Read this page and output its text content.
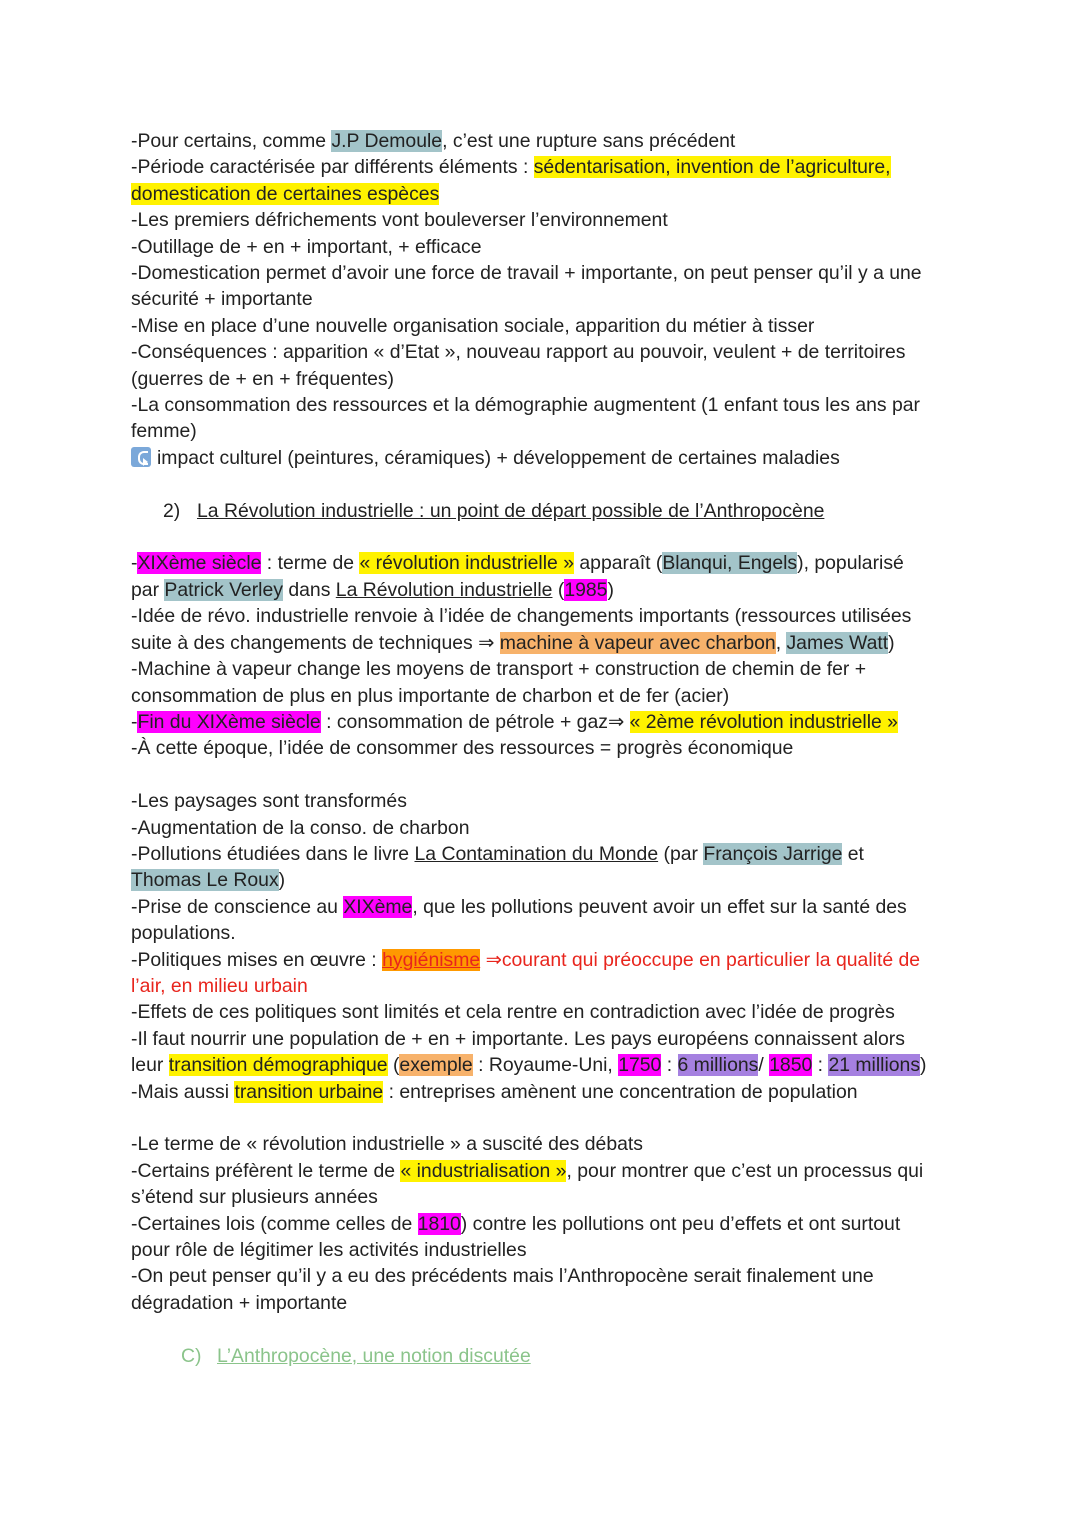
-Pour certains, comme J.P Demoule, c’est une rupture sans précédent
-Période caractérisée par différents éléments : sédentarisation, invention de l’agriculture,
domestication de certaines espèces
-Les premiers défrichements vont bouleverser l’environnement
-Outillage de + en + important, + efficace
-Domestication permet d’avoir une force de travail + importante, on peut penser qu’il y a une
sécurité + importante
-Mise en place d’une nouvelle organisation sociale, apparition du métier à tisser
-Conséquences : apparition « d’Etat », nouveau rapport au pouvoir, veulent + de territoires
(guerres de + en + fréquentes)
-La consommation des ressources et la démographie augmentent (1 enfant tous les ans par
femme)
impact culturel (peintures, céramiques) + développement de certaines maladies
2) La Révolution industrielle : un point de départ possible de l’Anthropocène
-XIXème siècle : terme de « révolution industrielle » apparaît (Blanqui, Engels), popularisé
par Patrick Verley dans La Révolution industrielle (1985)
-Idée de révo. industrielle renvoie à l’idée de changements importants (ressources utilisées
suite à des changements de techniques ⇒ machine à vapeur avec charbon, James Watt)
-Machine à vapeur change les moyens de transport + construction de chemin de fer +
consommation de plus en plus importante de charbon et de fer (acier)
-Fin du XIXème siècle : consommation de pétrole + gaz⇒ « 2ème révolution industrielle »
-À cette époque, l’idée de consommer des ressources = progrès économique
-Les paysages sont transformés
-Augmentation de la conso. de charbon
-Pollutions étudiées dans le livre La Contamination du Monde (par François Jarrige et
Thomas Le Roux)
-Prise de conscience au XIXème, que les pollutions peuvent avoir un effet sur la santé des
populations.
-Politiques mises en œuvre : hygiénisme ⇒courant qui préoccupe en particulier la qualité de
l’air, en milieu urbain
-Effets de ces politiques sont limités et cela rentre en contradiction avec l’idée de progrès
-Il faut nourrir une population de + en + importante. Les pays européens connaissent alors
leur transition démographique (exemple : Royaume-Uni, 1750 : 6 millions/ 1850 : 21 millions)
-Mais aussi transition urbaine : entreprises amènent une concentration de population
-Le terme de « révolution industrielle » a suscité des débats
-Certains préfèrent le terme de « industrialisation », pour montrer que c’est un processus qui
s’étend sur plusieurs années
-Certaines lois (comme celles de 1810) contre les pollutions ont peu d’effets et ont surtout
pour rôle de légitimer les activités industrielles
-On peut penser qu’il y a eu des précédents mais l’Anthropocène serait finalement une
dégradation + importante
C) L’Anthropocène, une notion discutée
